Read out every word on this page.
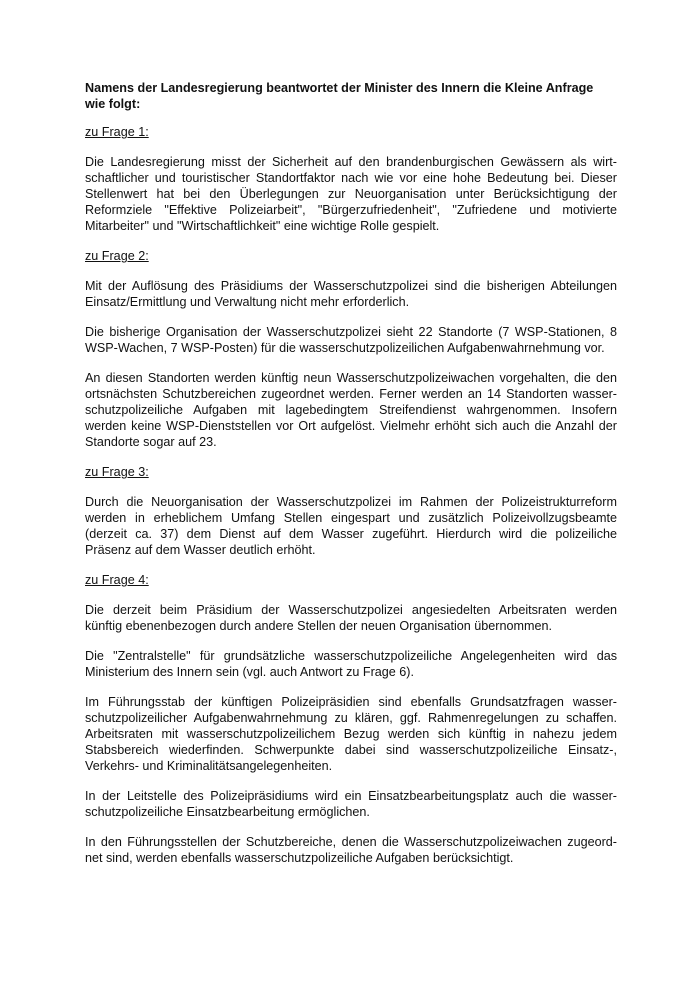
Namens der Landesregierung beantwortet der Minister des Innern die Kleine Anfrage
wie folgt:
zu Frage 1:
Die Landesregierung misst der Sicherheit auf den brandenburgischen Gewässern als wirt-
schaftlicher und touristischer Standortfaktor nach wie vor eine hohe Bedeutung bei. Dieser
Stellenwert hat bei den Überlegungen zur Neuorganisation unter Berücksichtigung der
Reformziele "Effektive Polizeiarbeit", "Bürgerzufriedenheit", "Zufriedene und motivierte
Mitarbeiter" und "Wirtschaftlichkeit" eine wichtige Rolle gespielt.
zu Frage 2:
Mit der Auflösung des Präsidiums der Wasserschutzpolizei sind die bisherigen Abteilungen
Einsatz/Ermittlung und Verwaltung nicht mehr erforderlich.
Die bisherige Organisation der Wasserschutzpolizei sieht 22 Standorte (7 WSP-Stationen, 8
WSP-Wachen, 7 WSP-Posten) für die wasserschutzpolizeilichen Aufgabenwahrnehmung vor.
An diesen Standorten werden künftig neun Wasserschutzpolizeiwachen vorgehalten, die den
ortsnächsten Schutzbereichen zugeordnet werden. Ferner werden an 14 Standorten wasser-
schutzpolizeiliche Aufgaben mit lagebedingtem Streifendienst wahrgenommen. Insofern
werden keine WSP-Dienststellen vor Ort aufgelöst. Vielmehr erhöht sich auch die Anzahl der
Standorte sogar auf 23.
zu Frage 3:
Durch die Neuorganisation der Wasserschutzpolizei im Rahmen der Polizeistrukturreform
werden in erheblichem Umfang Stellen eingespart und zusätzlich Polizeivollzugsbeamte
(derzeit ca. 37) dem Dienst auf dem Wasser zugeführt. Hierdurch wird die polizeiliche
Präsenz auf dem Wasser deutlich erhöht.
zu Frage 4:
Die derzeit beim Präsidium der Wasserschutzpolizei angesiedelten Arbeitsraten werden
künftig ebenenbezogen durch andere Stellen der neuen Organisation übernommen.
Die "Zentralstelle" für grundsätzliche wasserschutzpolizeiliche Angelegenheiten wird das
Ministerium des Innern sein (vgl. auch Antwort zu Frage 6).
Im Führungsstab der künftigen Polizeipräsidien sind ebenfalls Grundsatzfragen wasser-
schutzpolizeilicher Aufgabenwahrnehmung zu klären, ggf. Rahmenregelungen zu schaffen.
Arbeitsraten mit wasserschutzpolizeilichem Bezug werden sich künftig in nahezu jedem
Stabsbereich wiederfinden. Schwerpunkte dabei sind wasserschutzpolizeiliche Einsatz-,
Verkehrs- und Kriminalitätsangelegenheiten.
In der Leitstelle des Polizeipräsidiums wird ein Einsatzbearbeitungsplatz auch die wasser-
schutzpolizeiliche Einsatzbearbeitung ermöglichen.
In den Führungsstellen der Schutzbereiche, denen die Wasserschutzpolizeiwachen zugeord-
net sind, werden ebenfalls wasserschutzpolizeiliche Aufgaben berücksichtigt.
